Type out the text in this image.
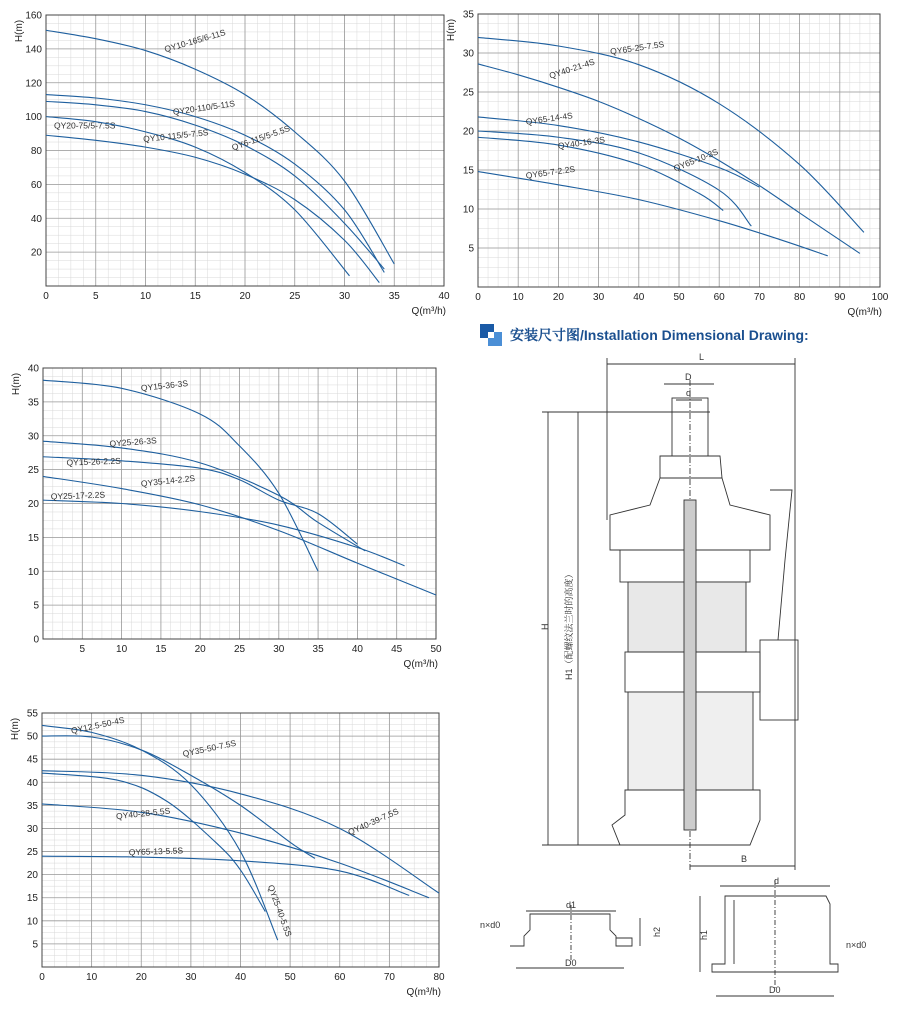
0	5	10	15	20	25	30	35	40
20
40
60
80
100
120
140
160
Q(m³/h)
H(m)	QY10-165/6-11S
QY20-110/5-11S
QY6-115/5-5.5S
QY20-75/5-7.5S
QY10-115/5-7.5S
0	10	20	30	40	50	60	70	80	90	100
5
10
15
20
25
30
35
Q(m³/h)
H(m)
QY65-25-7.5S
QY40-21-4S
QY65-14-4S
QY65-10-3S
QY40-16-3S
QY65-7-2.2S
5	10	15	20	25	30	35	40	45	50
0
5
10
15
20
25
30
35
40
Q(m³/h)
H(m)	QY15-36-3S
QY25-26-3S
QY15-26-2.2S
QY35-14-2.2S
QY25-17-2.2S
0	10	20	30	40	50	60	70	80
5
10
15
20
25
30
35
40
45
50
55
Q(m³/h)
H(m)	QY12.5-50-4S
QY35-50-7.5S
QY40-39-7.5S
QY25-40-5.5S
QY40-28-5.5S
QY65-13-5.5S
L
D
d
B
H H1（配螺纹法兰时的高度）
d1
h2
n×d0
D0
d
h1
n×d0
D0
安装尺寸图/Installation Dimensional Drawing:
